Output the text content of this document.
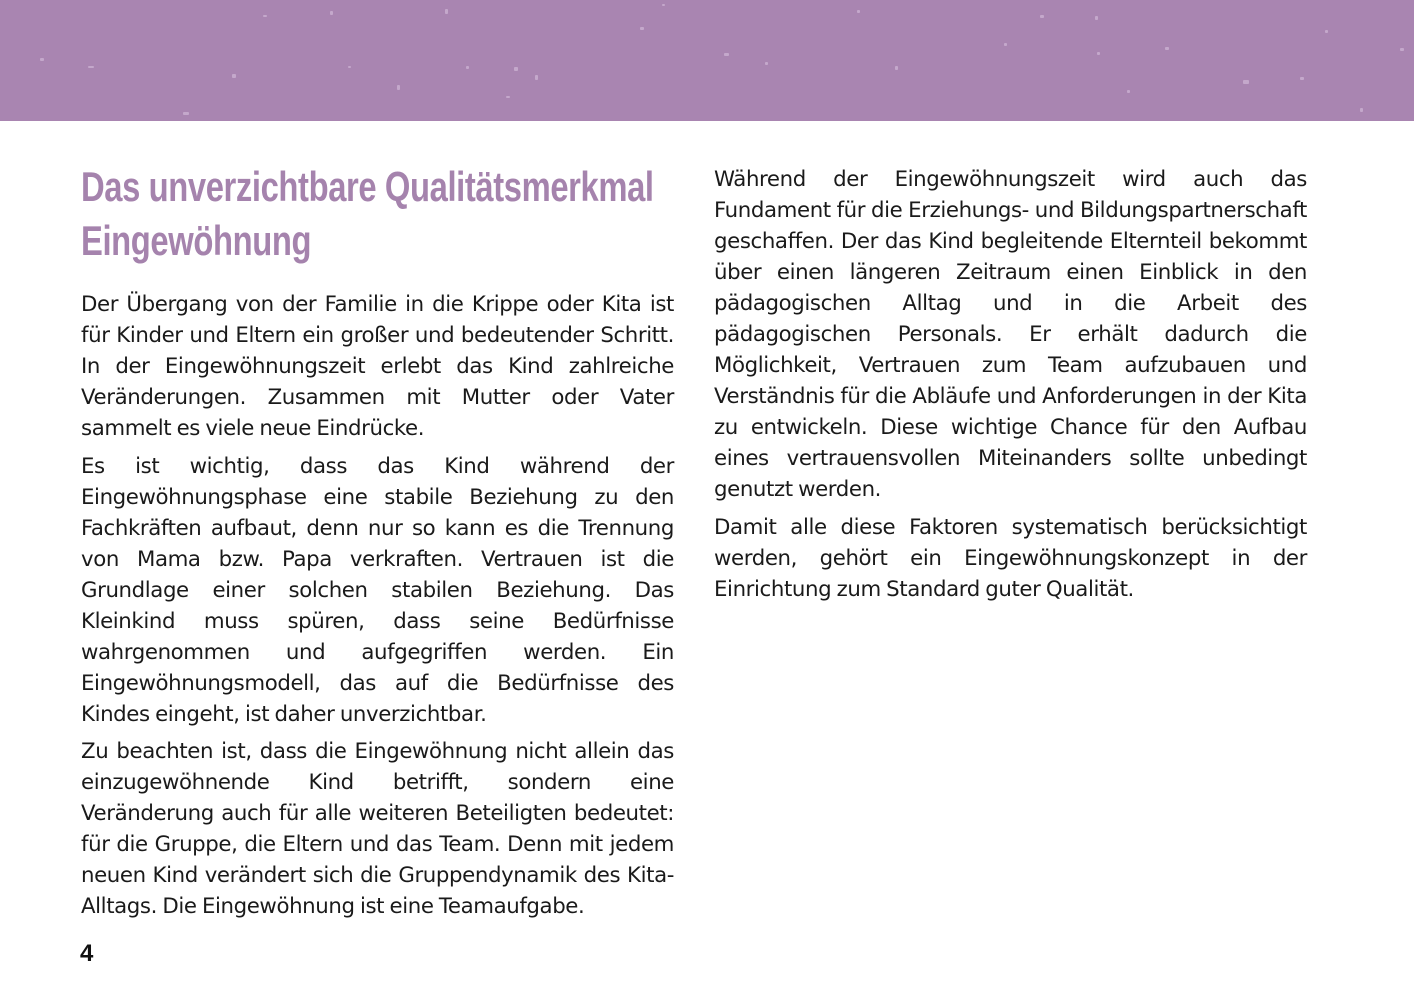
Das unverzichtbare Qualitätsmerkmal
Eingewöhnung

Der Übergang von der Familie in die Krippe oder Kita ist für Kinder und Eltern ein großer und bedeutender Schritt. In der Eingewöhnungszeit erlebt das Kind zahlreiche Veränderungen. Zusammen mit Mutter oder Vater sammelt es viele neue Eindrücke.

Es ist wichtig, dass das Kind während der Eingewöhnungsphase eine stabile Beziehung zu den Fachkräften aufbaut, denn nur so kann es die Trennung von Mama bzw. Papa verkraften. Vertrauen ist die Grundlage einer solchen stabilen Beziehung. Das Kleinkind muss spüren, dass seine Bedürfnisse wahrgenommen und aufgegriffen werden. Ein Eingewöhnungsmodell, das auf die Bedürfnisse des Kindes eingeht, ist daher unverzichtbar.

Zu beachten ist, dass die Eingewöhnung nicht allein das einzugewöhnende Kind betrifft, sondern eine Veränderung auch für alle weiteren Beteiligten bedeutet: für die Gruppe, die Eltern und das Team. Denn mit jedem neuen Kind verändert sich die Gruppendynamik des Kita-Alltags. Die Eingewöhnung ist eine Teamaufgabe.

Während der Eingewöhnungszeit wird auch das Fundament für die Erziehungs- und Bildungspartnerschaft geschaffen. Der das Kind begleitende Elternteil bekommt über einen längeren Zeitraum einen Einblick in den pädagogischen Alltag und in die Arbeit des pädagogischen Personals. Er erhält dadurch die Möglichkeit, Vertrauen zum Team aufzubauen und Verständnis für die Abläufe und Anforderungen in der Kita zu entwickeln. Diese wichtige Chance für den Aufbau eines vertrauensvollen Miteinanders sollte unbedingt genutzt werden.

Damit alle diese Faktoren systematisch berücksichtigt werden, gehört ein Eingewöhnungskonzept in der Einrichtung zum Standard guter Qualität.

4
